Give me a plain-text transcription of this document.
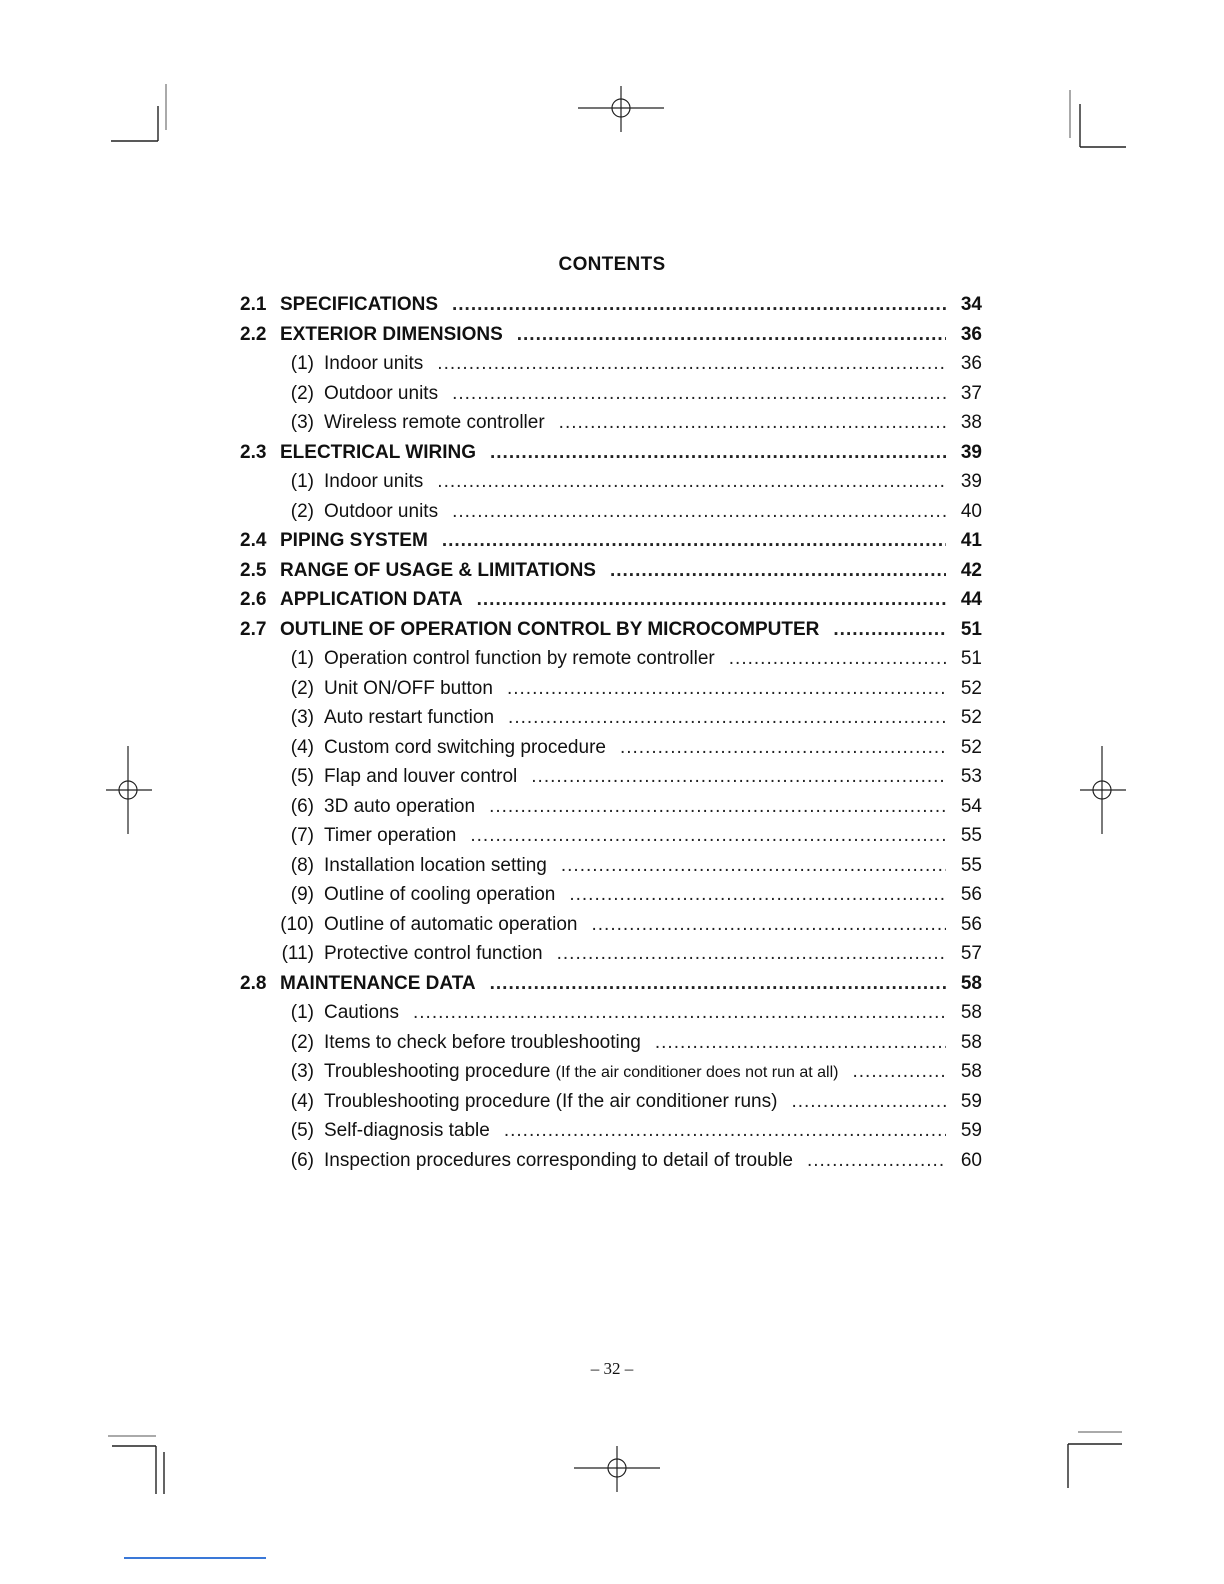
CONTENTS
2.1 SPECIFICATIONS .....	34
2.2 EXTERIOR DIMENSIONS .....	36
(1) Indoor units .....	36
(2) Outdoor units .....	37
(3) Wireless remote controller .....	38
2.3 ELECTRICAL WIRING .....	39
(1) Indoor units .....	39
(2) Outdoor units .....	40
2.4 PIPING SYSTEM .....	41
2.5 RANGE OF USAGE & LIMITATIONS .....	42
2.6 APPLICATION DATA .....	44
2.7 OUTLINE OF OPERATION CONTROL BY MICROCOMPUTER .....	51
(1) Operation control function by remote controller .....	51
(2) Unit ON/OFF button .....	52
(3) Auto restart function .....	52
(4) Custom cord switching procedure .....	52
(5) Flap and louver control .....	53
(6) 3D auto operation .....	54
(7) Timer operation .....	55
(8) Installation location setting .....	55
(9) Outline of cooling operation .....	56
(10) Outline of automatic operation .....	56
(11) Protective control function .....	57
2.8 MAINTENANCE DATA .....	58
(1) Cautions .....	58
(2) Items to check before troubleshooting .....	58
(3) Troubleshooting procedure (If the air conditioner does not run at all) .....	58
(4) Troubleshooting procedure (If the air conditioner runs) .....	59
(5) Self-diagnosis table .....	59
(6) Inspection procedures corresponding to detail of trouble .....	60
– 32 –
